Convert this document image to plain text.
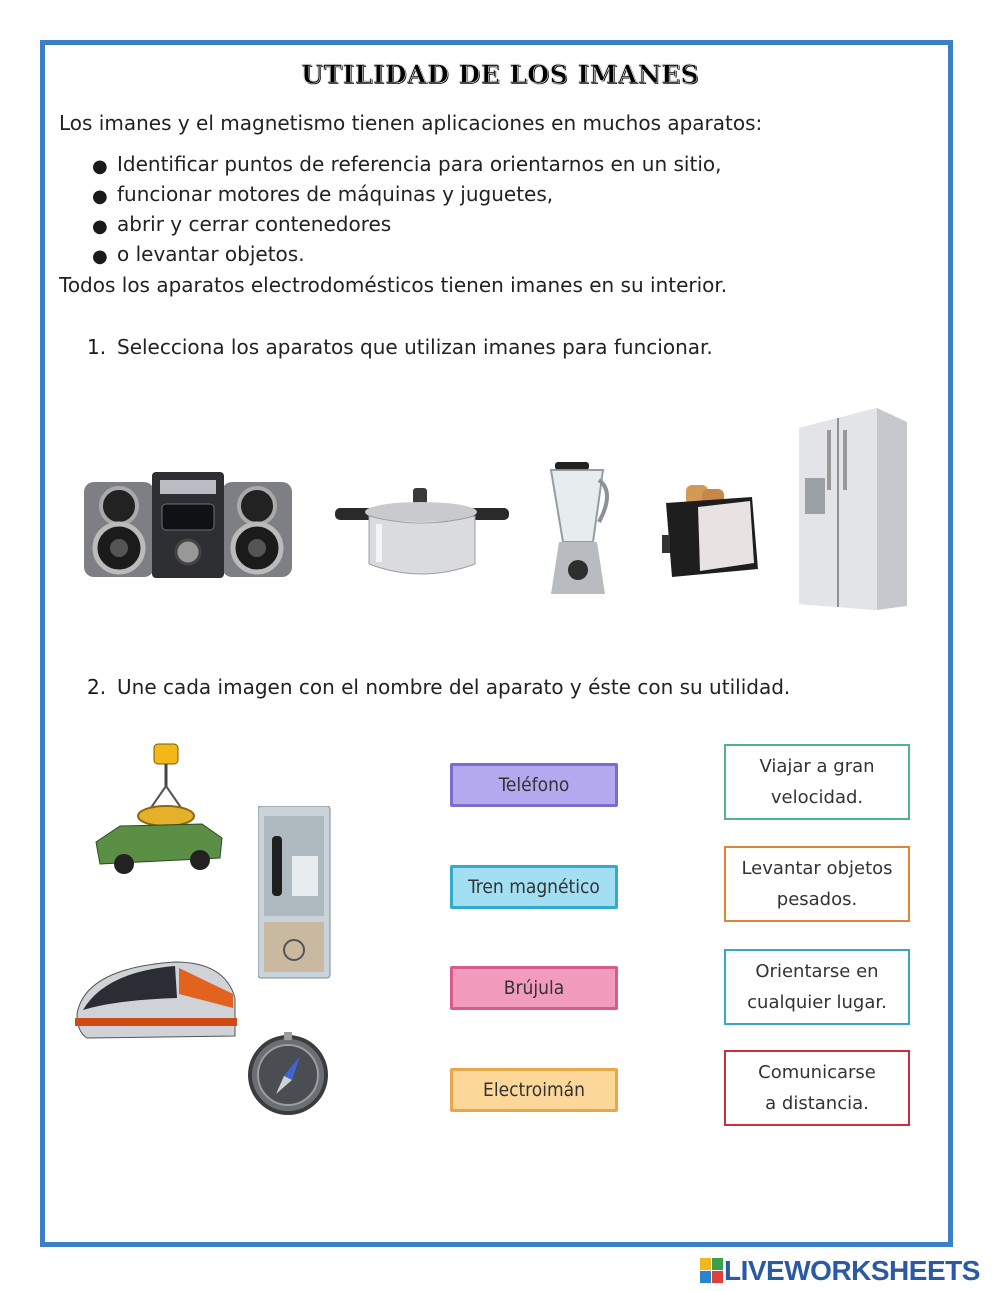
UTILIDAD DE LOS IMANES
Los imanes y el magnetismo tienen aplicaciones en muchos aparatos:
● Identificar puntos de referencia para orientarnos en un sitio,
● funcionar motores de máquinas y juguetes,
● abrir y cerrar contenedores
● o levantar objetos.
Todos los aparatos electrodomésticos tienen imanes en su interior.
1. Selecciona los aparatos que utilizan imanes para funcionar.
2. Une cada imagen con el nombre del aparato y éste con su utilidad.
Teléfono
Tren magnético
Brújula
Electroimán
Viajar a gran
velocidad.
Levantar objetos
pesados.
Orientarse en
cualquier lugar.
Comunicarse
a distancia.
LIVEWORKSHEETS
